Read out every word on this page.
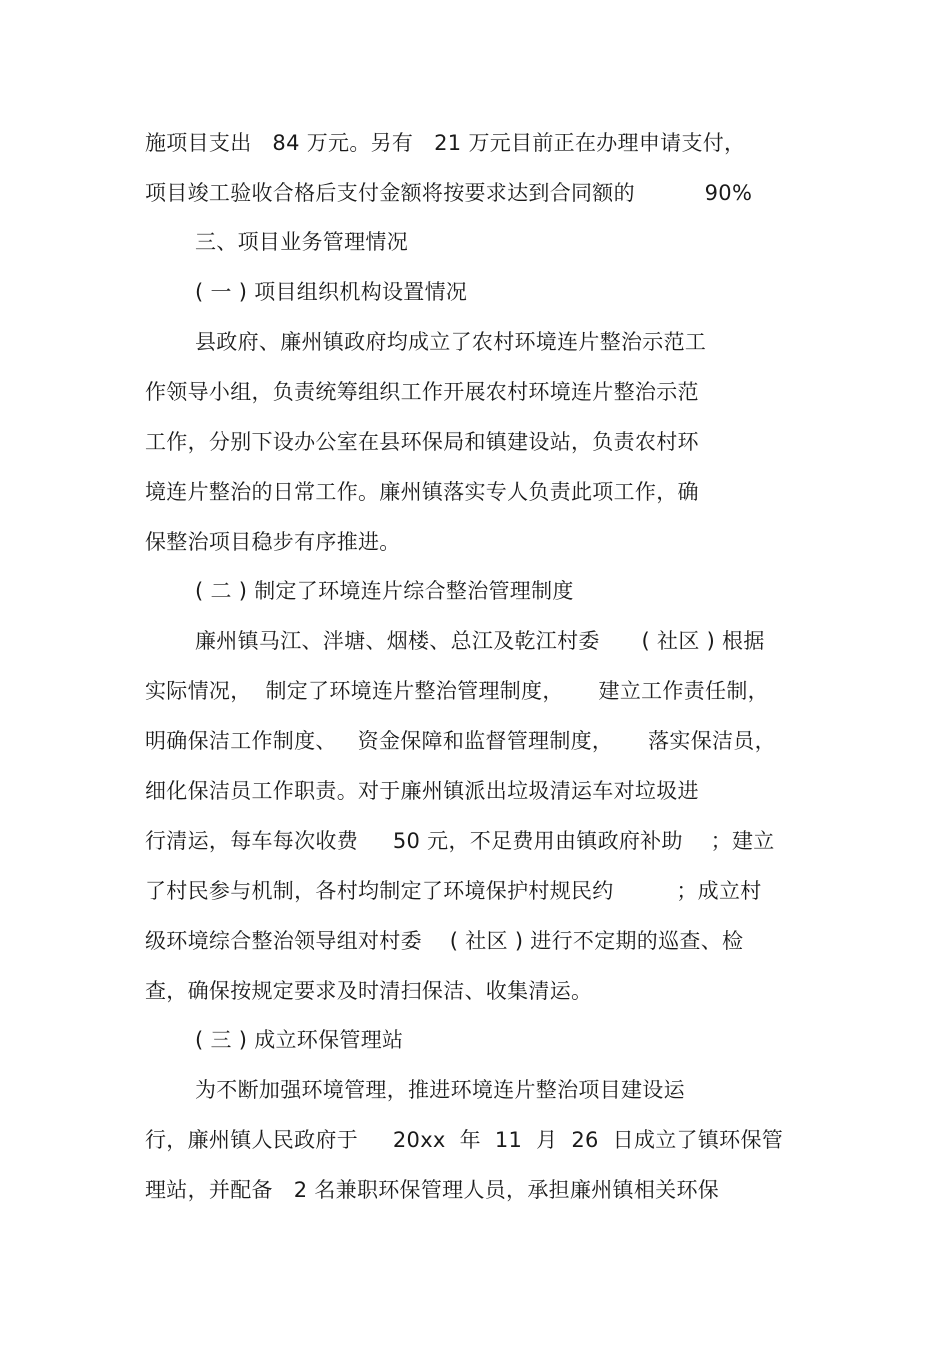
施项目支出   84 万元。另有   21 万元目前正在办理申请支付，
项目竣工验收合格后支付金额将按要求达到合同额的          90%
三、项目业务管理情况
( 一 ) 项目组织机构设置情况
县政府、廉州镇政府均成立了农村环境连片整治示范工
作领导小组，负责统筹组织工作开展农村环境连片整治示范
工作，分别下设办公室在县环保局和镇建设站，负责农村环
境连片整治的日常工作。廉州镇落实专人负责此项工作，确
保整治项目稳步有序推进。
( 二 ) 制定了环境连片综合整治管理制度
廉州镇马江、泮塘、烟楼、总江及乾江村委      ( 社区 ) 根据
实际情况，  制定了环境连片整治管理制度，     建立工作责任制，
明确保洁工作制度、   资金保障和监督管理制度，     落实保洁员，
细化保洁员工作职责。对于廉州镇派出垃圾清运车对垃圾进
行清运，每车每次收费     50 元，不足费用由镇政府补助    ；建立
了村民参与机制，各村均制定了环境保护村规民约         ；成立村
级环境综合整治领导组对村委    ( 社区 ) 进行不定期的巡查、检
查，确保按规定要求及时清扫保洁、收集清运。
( 三 ) 成立环保管理站
为不断加强环境管理，推进环境连片整治项目建设运
行，廉州镇人民政府于     20xx  年  11  月  26  日成立了镇环保管
理站，并配备   2 名兼职环保管理人员，承担廉州镇相关环保
